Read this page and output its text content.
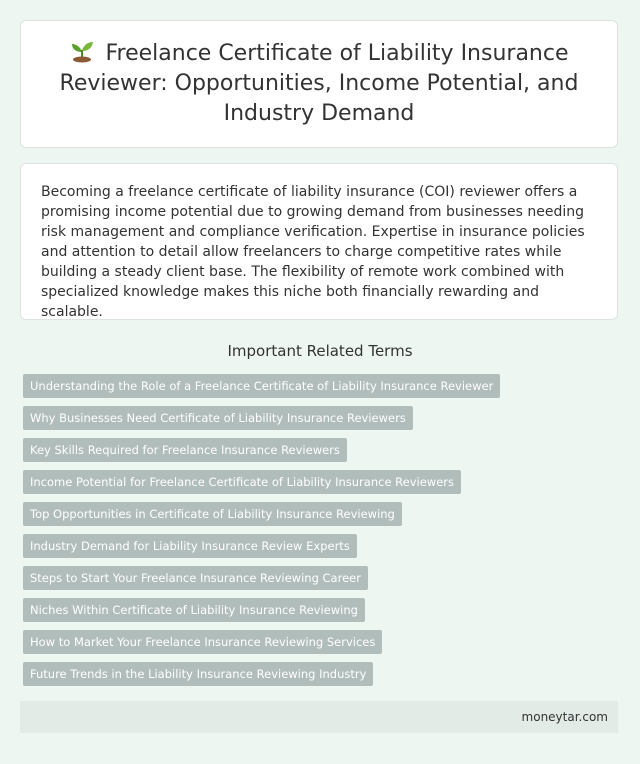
Freelance Certificate of Liability Insurance Reviewer: Opportunities, Income Potential, and Industry Demand

Becoming a freelance certificate of liability insurance (COI) reviewer offers a promising income potential due to growing demand from businesses needing risk management and compliance verification. Expertise in insurance policies and attention to detail allow freelancers to charge competitive rates while building a steady client base. The flexibility of remote work combined with specialized knowledge makes this niche both financially rewarding and scalable.

Important Related Terms
Understanding the Role of a Freelance Certificate of Liability Insurance Reviewer
Why Businesses Need Certificate of Liability Insurance Reviewers
Key Skills Required for Freelance Insurance Reviewers
Income Potential for Freelance Certificate of Liability Insurance Reviewers
Top Opportunities in Certificate of Liability Insurance Reviewing
Industry Demand for Liability Insurance Review Experts
Steps to Start Your Freelance Insurance Reviewing Career
Niches Within Certificate of Liability Insurance Reviewing
How to Market Your Freelance Insurance Reviewing Services
Future Trends in the Liability Insurance Reviewing Industry
moneytar.com
